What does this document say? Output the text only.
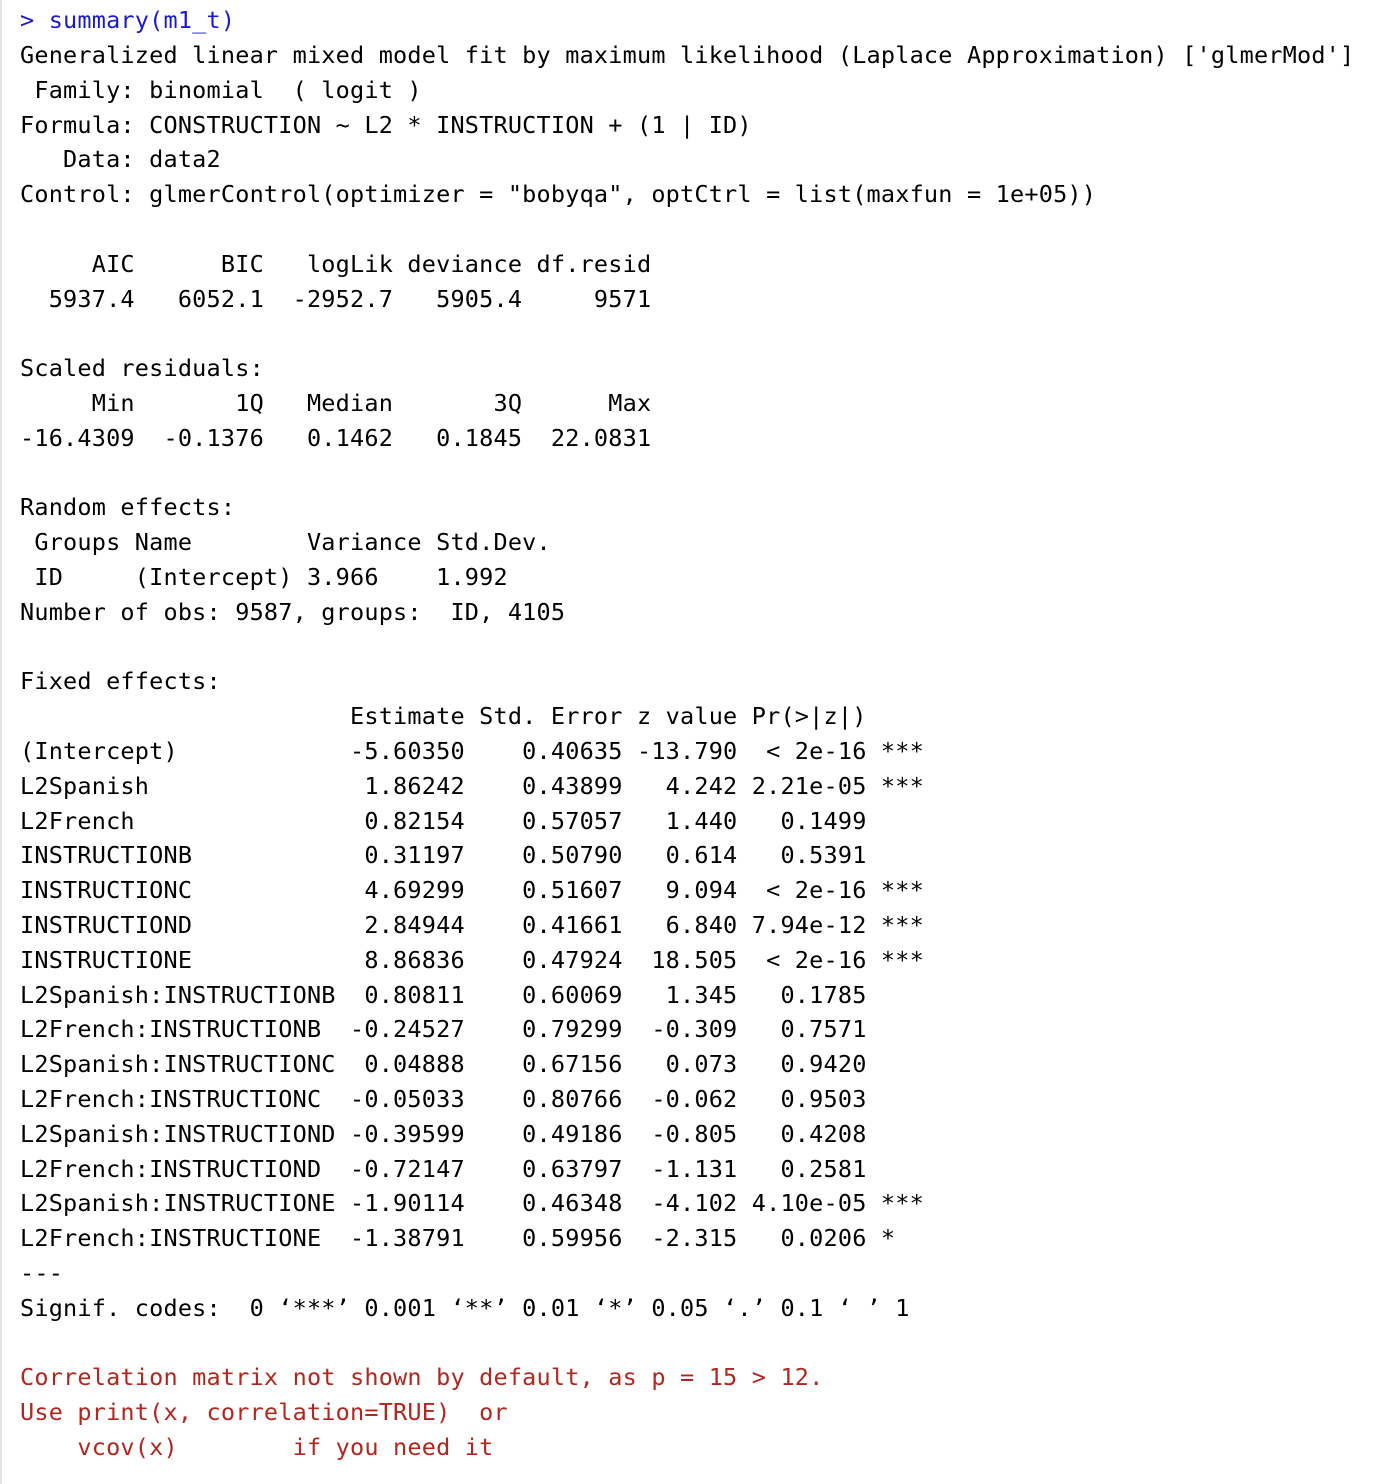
> summary(m1_t)
Generalized linear mixed model fit by maximum likelihood (Laplace Approximation) ['glmerMod']
Family: binomial  ( logit )
Formula: CONSTRUCTION ~ L2 * INSTRUCTION + (1 | ID)
Data: data2
Control: glmerControl(optimizer = "bobyqa", optCtrl = list(maxfun = 1e+05))
AIC      BIC   logLik deviance df.resid
5937.4   6052.1  -2952.7   5905.4     9571
Scaled residuals:
Min       1Q   Median       3Q      Max
-16.4309  -0.1376   0.1462   0.1845  22.0831
Random effects:
Groups Name        Variance Std.Dev.
ID     (Intercept) 3.966    1.992
Number of obs: 9587, groups:  ID, 4105
Fixed effects:
Estimate Std. Error z value Pr(>|z|)
(Intercept)            -5.60350    0.40635 -13.790  < 2e-16 ***
L2Spanish               1.86242    0.43899   4.242 2.21e-05 ***
L2French                0.82154    0.57057   1.440   0.1499
INSTRUCTIONB            0.31197    0.50790   0.614   0.5391
INSTRUCTIONC            4.69299    0.51607   9.094  < 2e-16 ***
INSTRUCTIOND            2.84944    0.41661   6.840 7.94e-12 ***
INSTRUCTIONE            8.86836    0.47924  18.505  < 2e-16 ***
L2Spanish:INSTRUCTIONB  0.80811    0.60069   1.345   0.1785
L2French:INSTRUCTIONB  -0.24527    0.79299  -0.309   0.7571
L2Spanish:INSTRUCTIONC  0.04888    0.67156   0.073   0.9420
L2French:INSTRUCTIONC  -0.05033    0.80766  -0.062   0.9503
L2Spanish:INSTRUCTIOND -0.39599    0.49186  -0.805   0.4208
L2French:INSTRUCTIOND  -0.72147    0.63797  -1.131   0.2581
L2Spanish:INSTRUCTIONE -1.90114    0.46348  -4.102 4.10e-05 ***
L2French:INSTRUCTIONE  -1.38791    0.59956  -2.315   0.0206 *
---
Signif. codes:  0 ‘***’ 0.001 ‘**’ 0.01 ‘*’ 0.05 ‘.’ 0.1 ‘ ’ 1
Correlation matrix not shown by default, as p = 15 > 12.
Use print(x, correlation=TRUE)  or
vcov(x)        if you need it
